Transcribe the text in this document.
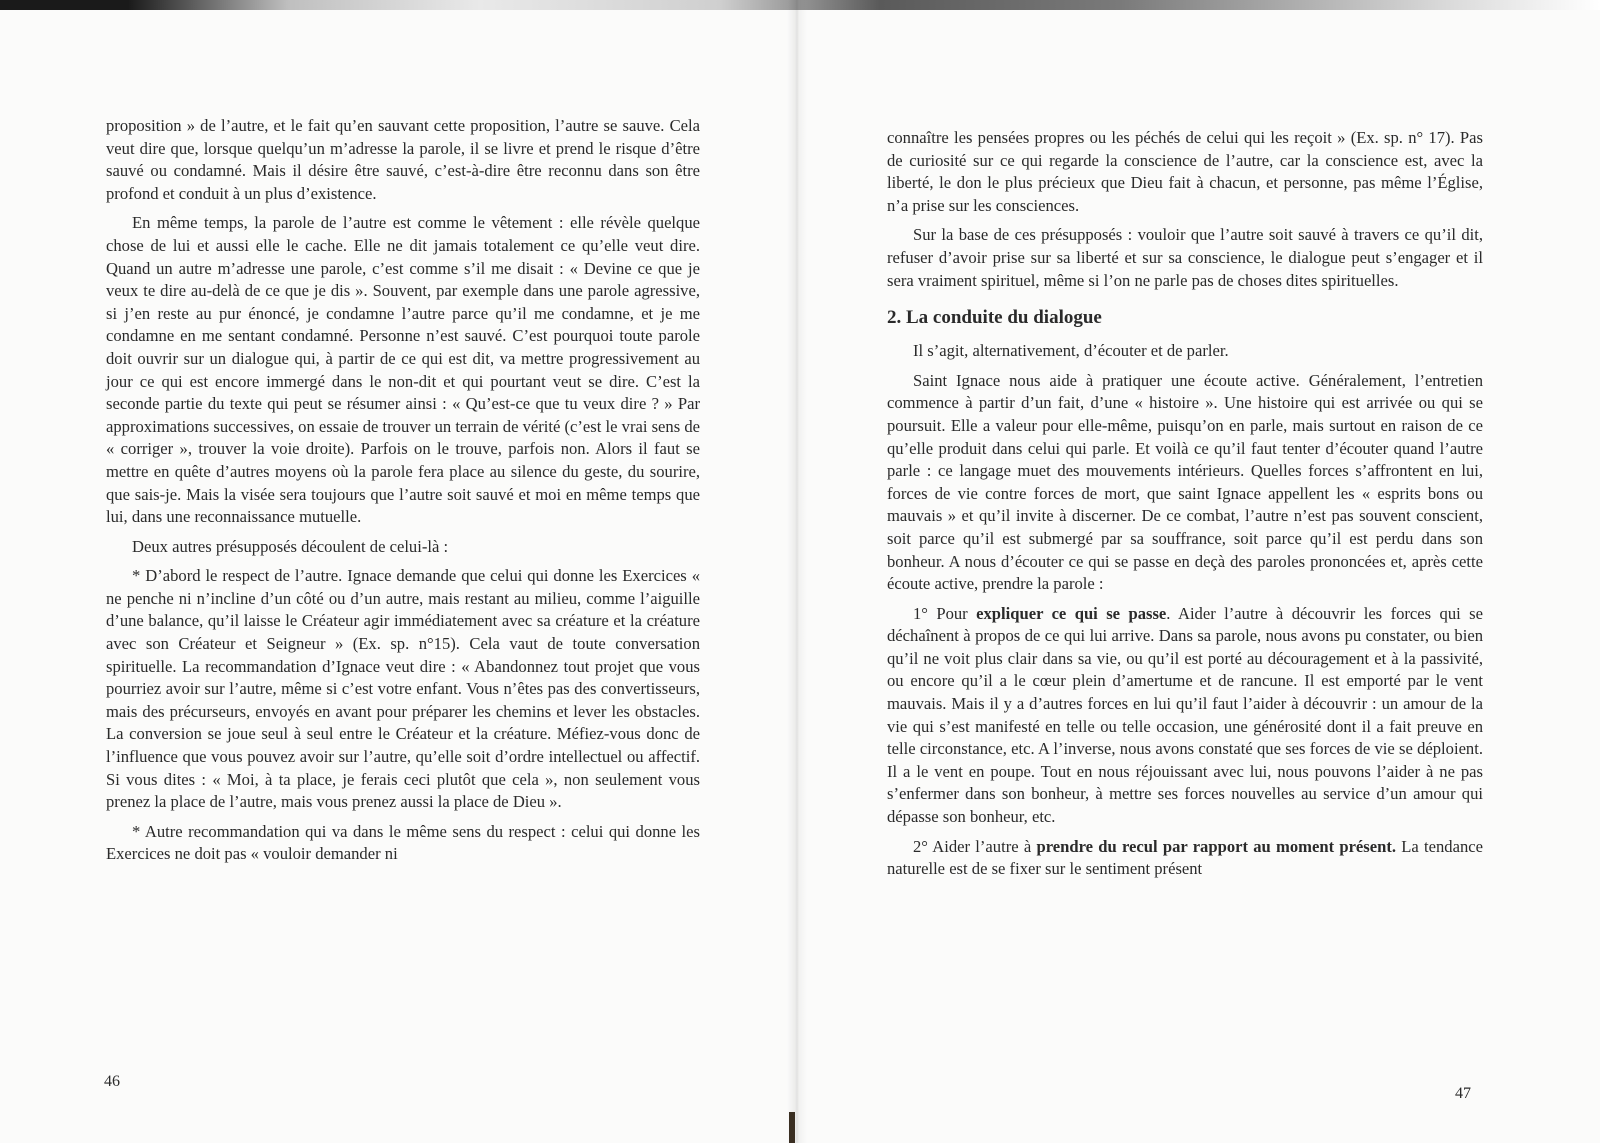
proposition » de l’autre, et le fait qu’en sauvant cette proposition, l’autre se sauve. Cela veut dire que, lorsque quelqu’un m’adresse la parole, il se livre et prend le risque d’être sauvé ou condamné. Mais il désire être sauvé, c’est-à-dire être reconnu dans son être profond et conduit à un plus d’existence.

En même temps, la parole de l’autre est comme le vêtement : elle révèle quelque chose de lui et aussi elle le cache. Elle ne dit jamais totalement ce qu’elle veut dire. Quand un autre m’adresse une parole, c’est comme s’il me disait : « Devine ce que je veux te dire au-delà de ce que je dis ». Souvent, par exemple dans une parole agressive, si j’en reste au pur énoncé, je condamne l’autre parce qu’il me condamne, et je me condamne en me sentant condamné. Personne n’est sauvé. C’est pourquoi toute parole doit ouvrir sur un dialogue qui, à partir de ce qui est dit, va mettre progressivement au jour ce qui est encore immergé dans le non-dit et qui pourtant veut se dire. C’est la seconde partie du texte qui peut se résumer ainsi : « Qu’est-ce que tu veux dire ? » Par approximations successives, on essaie de trouver un terrain de vérité (c’est le vrai sens de « corriger », trouver la voie droite). Parfois on le trouve, parfois non. Alors il faut se mettre en quête d’autres moyens où la parole fera place au silence du geste, du sourire, que sais-je. Mais la visée sera toujours que l’autre soit sauvé et moi en même temps que lui, dans une reconnaissance mutuelle.

Deux autres présupposés découlent de celui-là :

* D’abord le respect de l’autre. Ignace demande que celui qui donne les Exercices « ne penche ni n’incline d’un côté ou d’un autre, mais restant au milieu, comme l’aiguille d’une balance, qu’il laisse le Créateur agir immédiatement avec sa créature et la créature avec son Créateur et Seigneur » (Ex. sp. n°15). Cela vaut de toute conversation spirituelle. La recommandation d’Ignace veut dire : « Abandonnez tout projet que vous pourriez avoir sur l’autre, même si c’est votre enfant. Vous n’êtes pas des convertisseurs, mais des précurseurs, envoyés en avant pour préparer les chemins et lever les obstacles. La conversion se joue seul à seul entre le Créateur et la créature. Méfiez-vous donc de l’influence que vous pouvez avoir sur l’autre, qu’elle soit d’ordre intellectuel ou affectif. Si vous dites : « Moi, à ta place, je ferais ceci plutôt que cela », non seulement vous prenez la place de l’autre, mais vous prenez aussi la place de Dieu ».

* Autre recommandation qui va dans le même sens du respect : celui qui donne les Exercices ne doit pas « vouloir demander ni

46

connaître les pensées propres ou les péchés de celui qui les reçoit » (Ex. sp. n° 17). Pas de curiosité sur ce qui regarde la conscience de l’autre, car la conscience est, avec la liberté, le don le plus précieux que Dieu fait à chacun, et personne, pas même l’Église, n’a prise sur les consciences.

Sur la base de ces présupposés : vouloir que l’autre soit sauvé à travers ce qu’il dit, refuser d’avoir prise sur sa liberté et sur sa conscience, le dialogue peut s’engager et il sera vraiment spirituel, même si l’on ne parle pas de choses dites spirituelles.

2. La conduite du dialogue

Il s’agit, alternativement, d’écouter et de parler.

Saint Ignace nous aide à pratiquer une écoute active. Généralement, l’entretien commence à partir d’un fait, d’une « histoire ». Une histoire qui est arrivée ou qui se poursuit. Elle a valeur pour elle-même, puisqu’on en parle, mais surtout en raison de ce qu’elle produit dans celui qui parle. Et voilà ce qu’il faut tenter d’écouter quand l’autre parle : ce langage muet des mouvements intérieurs. Quelles forces s’affrontent en lui, forces de vie contre forces de mort, que saint Ignace appellent les « esprits bons ou mauvais » et qu’il invite à discerner. De ce combat, l’autre n’est pas souvent conscient, soit parce qu’il est submergé par sa souffrance, soit parce qu’il est perdu dans son bonheur. A nous d’écouter ce qui se passe en deçà des paroles prononcées et, après cette écoute active, prendre la parole :

1° Pour expliquer ce qui se passe. Aider l’autre à découvrir les forces qui se déchaînent à propos de ce qui lui arrive. Dans sa parole, nous avons pu constater, ou bien qu’il ne voit plus clair dans sa vie, ou qu’il est porté au découragement et à la passivité, ou encore qu’il a le cœur plein d’amertume et de rancune. Il est emporté par le vent mauvais. Mais il y a d’autres forces en lui qu’il faut l’aider à découvrir : un amour de la vie qui s’est manifesté en telle ou telle occasion, une générosité dont il a fait preuve en telle circonstance, etc. A l’inverse, nous avons constaté que ses forces de vie se déploient. Il a le vent en poupe. Tout en nous réjouissant avec lui, nous pouvons l’aider à ne pas s’enfermer dans son bonheur, à mettre ses forces nouvelles au service d’un amour qui dépasse son bonheur, etc.

2° Aider l’autre à prendre du recul par rapport au moment présent. La tendance naturelle est de se fixer sur le sentiment présent

47
